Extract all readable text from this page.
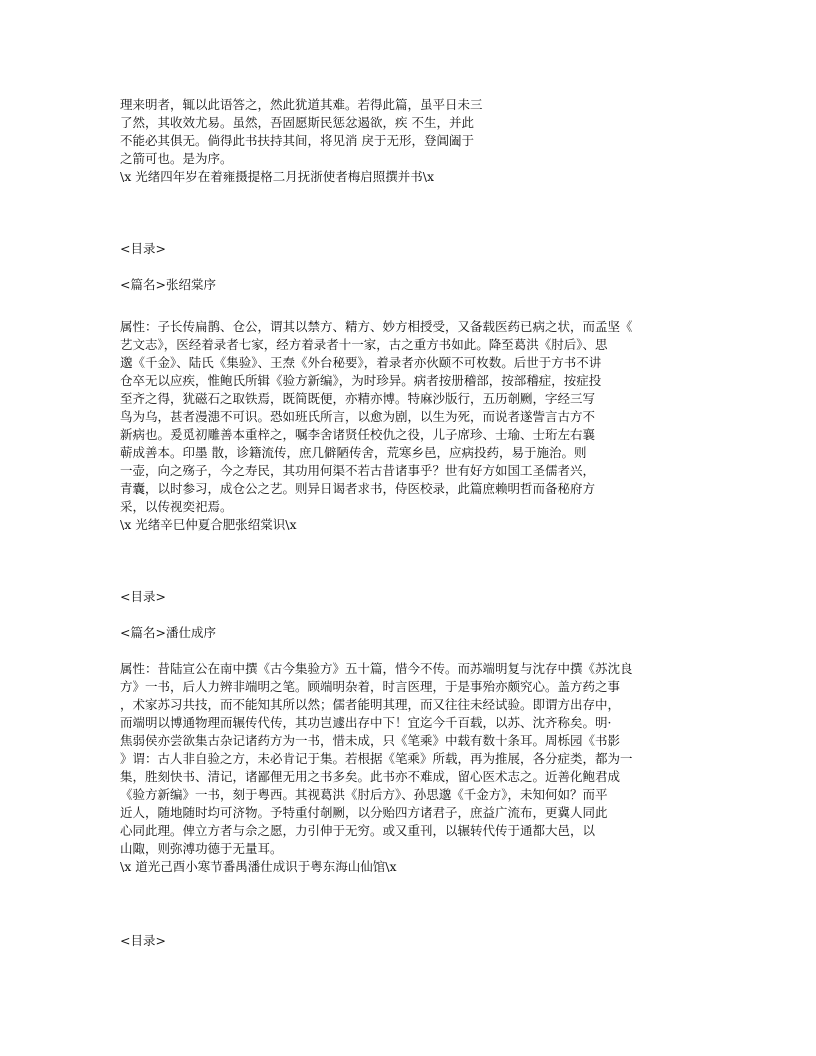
理来明者，辄以此语答之，然此犹道其难。若得此篇，虽平日未三
了然，其收效尤易。虽然，吾固愿斯民惩忿遏欲，疾 不生，并此
不能必其俱无。倘得此书扶持其间，将见消 戾于无形，登阊阖于
之箭可也。是为序。
\x 光绪四年岁在着雍摄提格二月抚浙使者梅启照撰并书\x
<目录>
<篇名>张绍棠序
属性：子长传扁鹊、仓公，谓其以禁方、精方、妙方相授受，又备载医药已病之状，而孟坚《
艺文志》，医经着录者七家，经方着录者十一家，古之重方书如此。降至葛洪《肘后》、思
邈《千金》、陆氏《集验》、王焘《外台秘要》，着录者亦伙颐不可枚数。后世于方书不讲
仓卒无以应疾，惟鲍氏所辑《验方新编》，为时珍异。病者按册稽部，按部稽症，按症投
至齐之得，犹磁石之取铁焉，既简既便，亦精亦博。特麻沙版行，五历剞劂，字经三写
鸟为乌，甚者漫漶不可识。恐如班氏所言，以愈为剧，以生为死，而说者遂訾言古方不
新病也。爰觅初雕善本重梓之，嘱李舍诸贤任校仇之役，儿子席珍、士瑜、士珩左右襄
蕲成善本。印墨 散，诊籍流传，庶几僻陋传舍，荒寒乡邑，应病投药，易于施治。则
一壶，向之殇子，今之寿民，其功用何渠不若古昔诸事乎？世有好方如国工圣儒者兴，
青囊，以时参习，成仓公之艺。则异日谒者求书，侍医校录，此篇庶赖明哲而备秘府方
采，以传视奕祀焉。
\x 光绪辛巳仲夏合肥张绍棠识\x
<目录>
<篇名>潘仕成序
属性：昔陆宣公在南中撰《古今集验方》五十篇，惜今不传。而苏端明复与沈存中撰《苏沈良
方》一书，后人力辨非端明之笔。顾端明杂着，时言医理，于是事殆亦颇究心。盖方药之事
，术家苏习共技，而不能知其所以然；儒者能明其理，而又往往未经试验。即谓方出存中，
而端明以博通物理而辗传代传，其功岂遽出存中下！宜迄今千百载，以苏、沈齐称矣。明·
焦弱侯亦尝欲集古杂记诸药方为一书，惜未成，只《笔乘》中载有数十条耳。周栎园《书影
》谓：古人非自验之方，未必肯记于集。若根据《笔乘》所载，再为推展，各分症类，都为一
集，胜刻快书、清记，诸鄙俚无用之书多矣。此书亦不难成，留心医术志之。近善化鲍君成
《验方新编》一书，刻于粤西。其视葛洪《肘后方》、孙思邈《千金方》，未知何如？而平
近人，随地随时均可济物。予特重付剞劂，以分贻四方诸君子，庶益广流布，更冀人同此
心同此理。俾立方者与佘之愿，力引伸于无穷。或又重刊，以辗转代传于通都大邑，以
山陬，则弥溥功德于无量耳。
\x 道光己酉小寒节番禺潘仕成识于粤东海山仙馆\x
<目录>
